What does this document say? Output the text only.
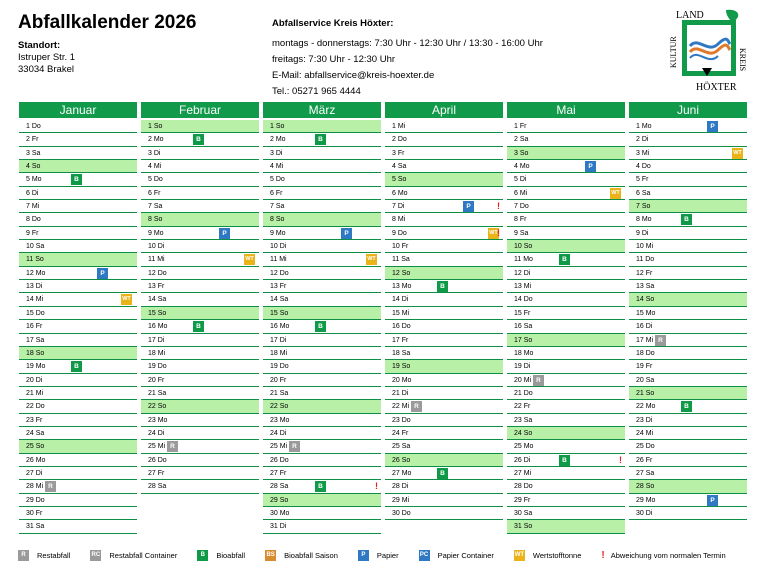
Abfallkalender 2026
Standort:
Istruper Str. 1
33034 Brakel
Abfallservice Kreis Höxter:
montags - donnerstags: 7:30 Uhr - 12:30 Uhr / 13:30 - 16:00 Uhr
freitags: 7:30 Uhr - 12:30 Uhr
E-Mail: abfallservice@kreis-hoexter.de
Tel.: 05271 965 4444
LAND
KULTUR	KREIS
HÖXTER
Januar
1 Do
2 Fr
3 Sa
4 So
5 Mo	B
6 Di
7 Mi
8 Do
9 Fr
10 Sa
11 So
12 Mo	P
13 Di
14 Mi	WT
15 Do
16 Fr
17 Sa
18 So
19 Mo	B
20 Di
21 Mi
22 Do
23 Fr
24 Sa
25 So
26 Mo
27 Di
28 Mi R
29 Do
30 Fr
31 Sa
Februar
1 So
2 Mo	B
3 Di
4 Mi
5 Do
6 Fr
7 Sa
8 So
9 Mo	P
10 Di
11 Mi	WT
12 Do
13 Fr
14 Sa
15 So
16 Mo	B
17 Di
18 Mi
19 Do
20 Fr
21 Sa
22 So
23 Mo
24 Di
25 Mi R
26 Do
27 Fr
28 Sa
März
1 So
2 Mo	B
3 Di
4 Mi
5 Do
6 Fr
7 Sa
8 So
9 Mo	P
10 Di
11 Mi	WT
12 Do
13 Fr
14 Sa
15 So
16 Mo	B
17 Di
18 Mi
19 Do
20 Fr
21 Sa
22 So
23 Mo
24 Di
25 Mi R
26 Do
27 Fr
28 Sa	B	!
29 So
30 Mo
31 Di
April
1 Mi
2 Do
3 Fr
4 Sa
5 So
6 Mo
7 Di	P	!
8 Mi
9 Do	WT !
10 Fr
11 Sa
12 So
13 Mo	B
14 Di
15 Mi
16 Do
17 Fr
18 Sa
19 So
20 Mo
21 Di
22 Mi R
23 Do
24 Fr
25 Sa
26 So
27 Mo	B
28 Di
29 Mi
30 Do
Mai
1 Fr
2 Sa
3 So
4 Mo	P
5 Di
6 Mi	WT
7 Do
8 Fr
9 Sa
10 So
11 Mo	B
12 Di
13 Mi
14 Do
15 Fr
16 Sa
17 So
18 Mo
19 Di
20 Mi R
21 Do
22 Fr
23 Sa
24 So
25 Mo
26 Di	B	!
27 Mi
28 Do
29 Fr
30 Sa
31 So
Juni
1 Mo	P
2 Di
3 Mi	WT
4 Do
5 Fr
6 Sa
7 So
8 Mo	B
9 Di
10 Mi
11 Do
12 Fr
13 Sa
14 So
15 Mo
16 Di
17 Mi R
18 Do
19 Fr
20 Sa
21 So
22 Mo	B
23 Di
24 Mi
25 Do
26 Fr
27 Sa
28 So
29 Mo	P
30 Di
R	Restabfall	RC Restabfall Container	B	Bioabfall	BS Bioabfall Saison	P	Papier	PC Papier Container	WT Wertstofftonne ! Abweichung vom normalen Termin
